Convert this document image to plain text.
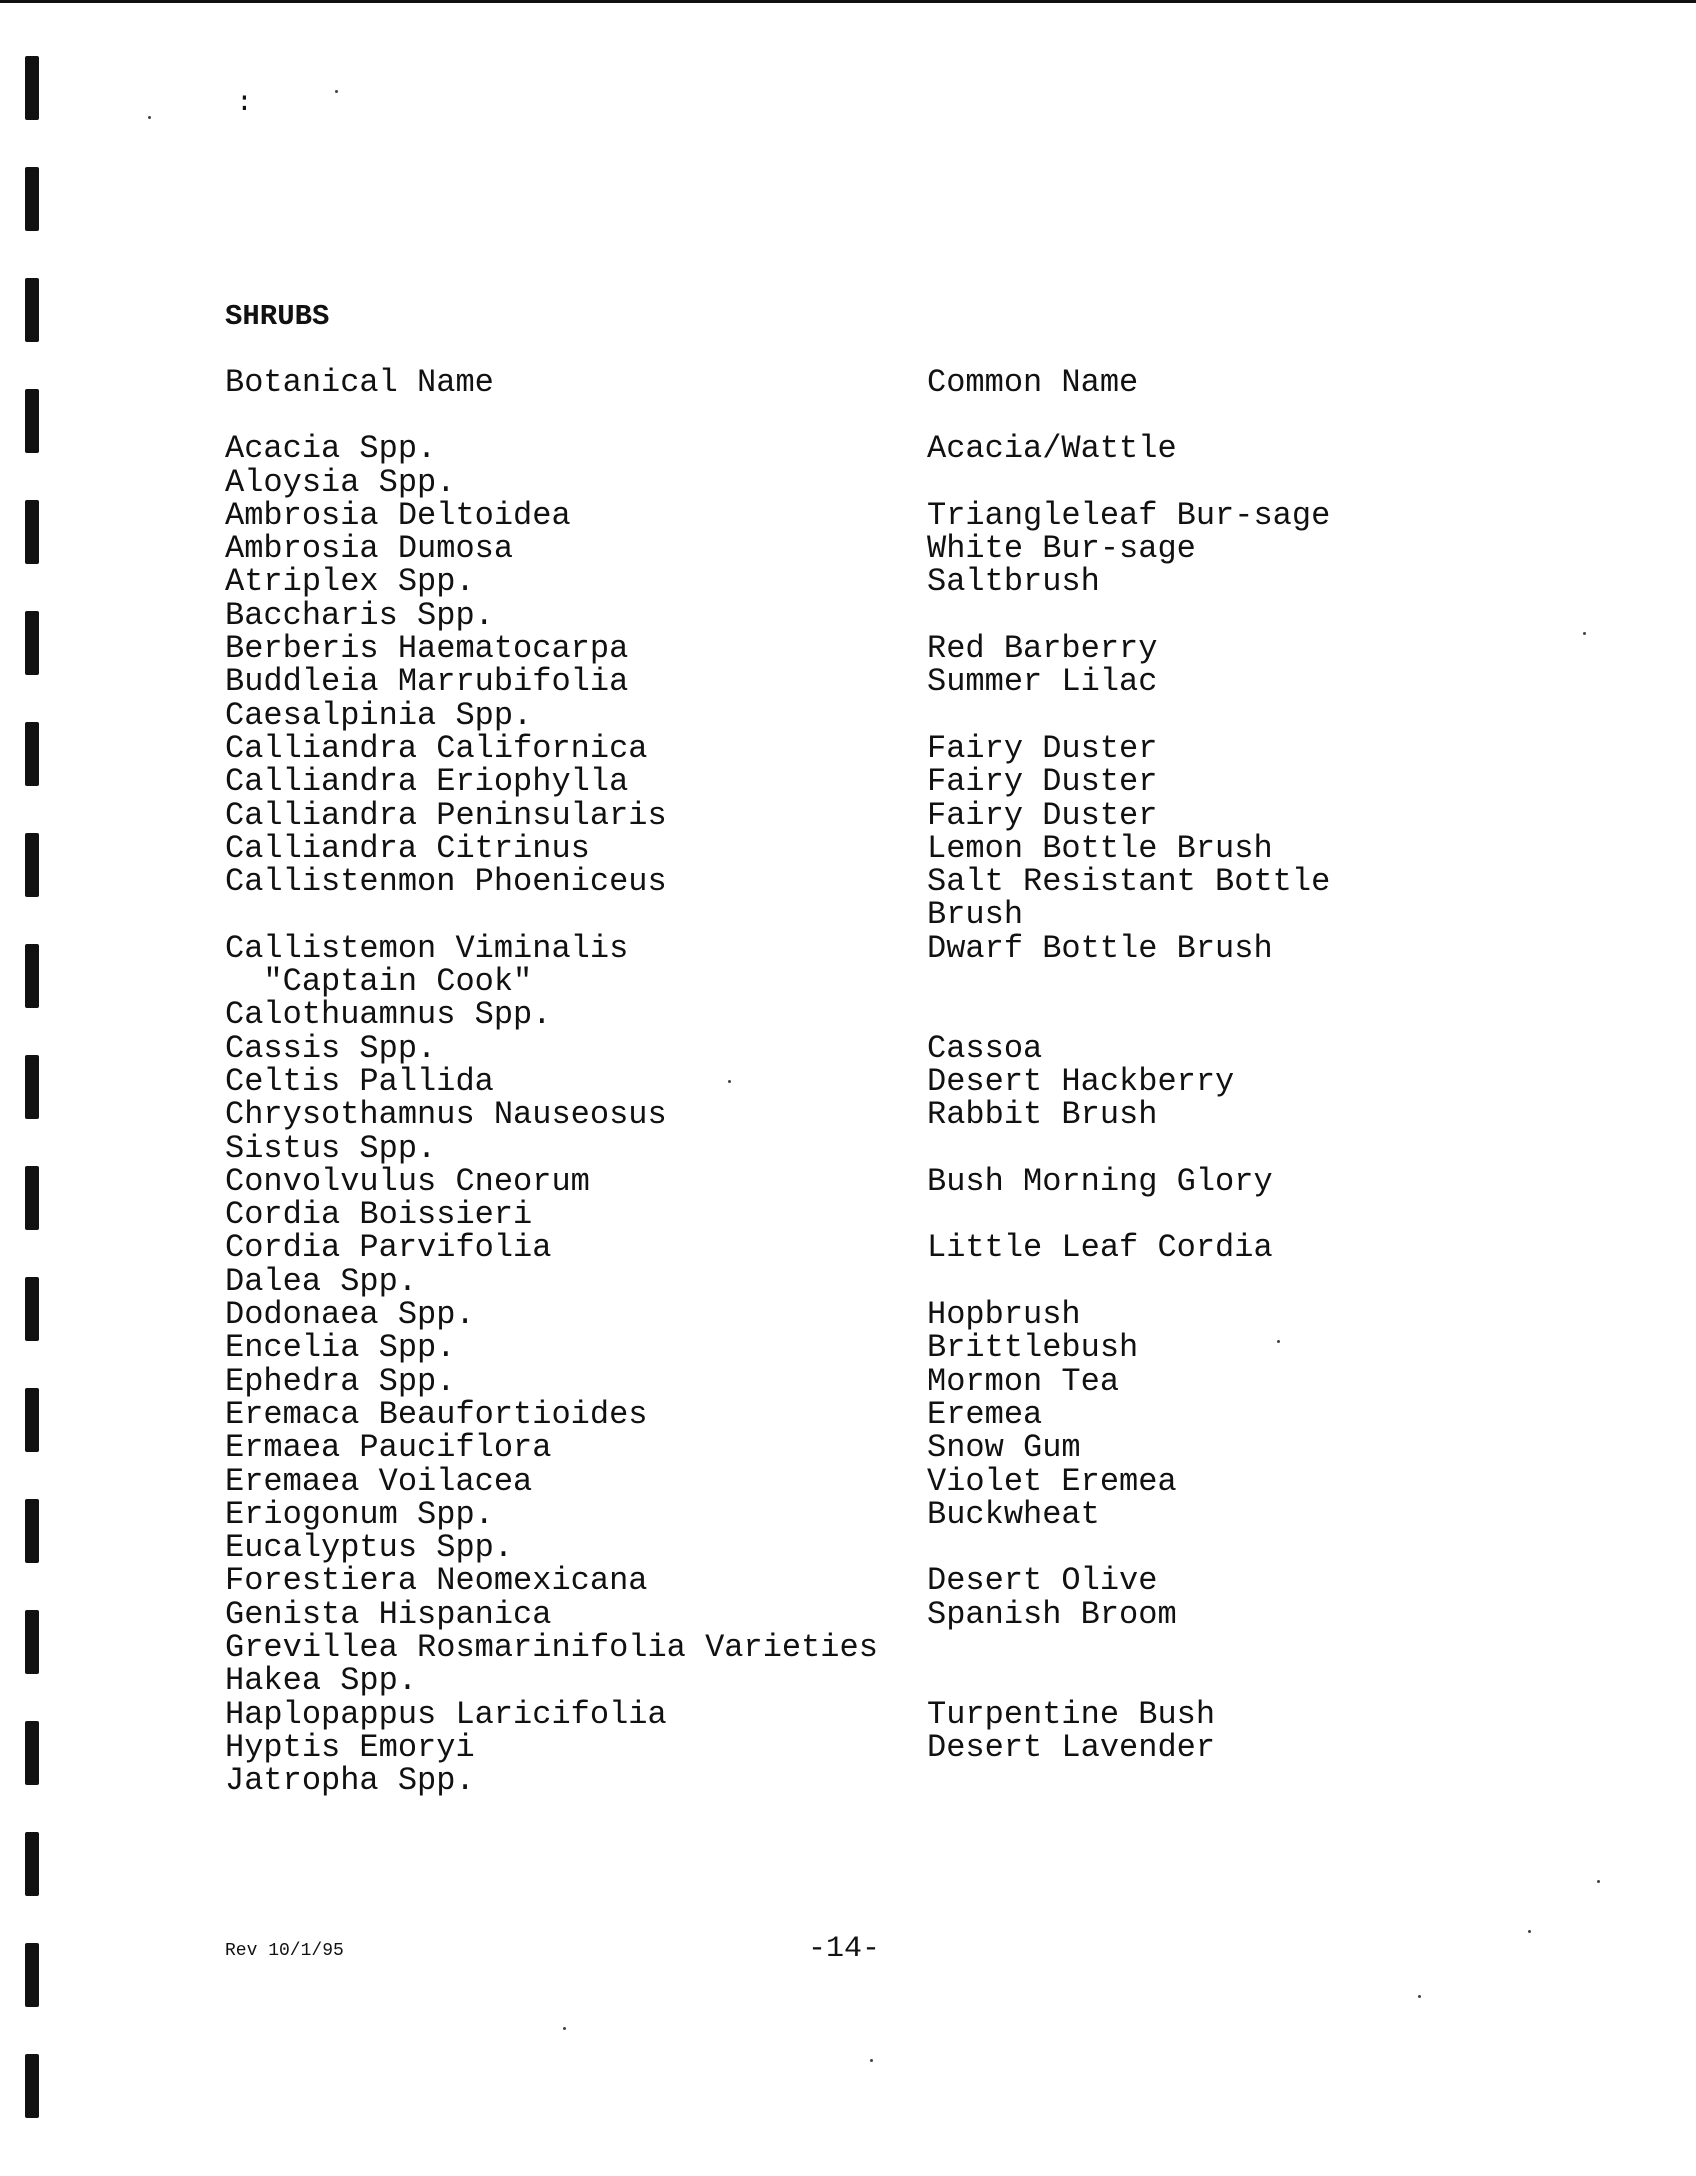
:
SHRUBS
Botanical Name	Common Name
Acacia Spp.	Acacia/Wattle
Aloysia Spp.
Ambrosia Deltoidea	Triangleleaf Bur-sage
Ambrosia Dumosa	White Bur-sage
Atriplex Spp.	Saltbrush
Baccharis Spp.
Berberis Haematocarpa	Red Barberry
Buddleia Marrubifolia	Summer Lilac
Caesalpinia Spp.
Calliandra Californica	Fairy Duster
Calliandra Eriophylla	Fairy Duster
Calliandra Peninsularis	Fairy Duster
Calliandra Citrinus	Lemon Bottle Brush
Callistenmon Phoeniceus	Salt Resistant Bottle
Brush
Callistemon Viminalis	Dwarf Bottle Brush
"Captain Cook"
Calothuamnus Spp.
Cassis Spp.	Cassoa
Celtis Pallida	Desert Hackberry
Chrysothamnus Nauseosus	Rabbit Brush
Sistus Spp.
Convolvulus Cneorum	Bush Morning Glory
Cordia Boissieri
Cordia Parvifolia	Little Leaf Cordia
Dalea Spp.
Dodonaea Spp.	Hopbrush
Encelia Spp.	Brittlebush
Ephedra Spp.	Mormon Tea
Eremaca Beaufortioides	Eremea
Ermaea Pauciflora	Snow Gum
Eremaea Voilacea	Violet Eremea
Eriogonum Spp.	Buckwheat
Eucalyptus Spp.
Forestiera Neomexicana	Desert Olive
Genista Hispanica	Spanish Broom
Grevillea Rosmarinifolia Varieties
Hakea Spp.
Haplopappus Laricifolia	Turpentine Bush
Hyptis Emoryi	Desert Lavender
Jatropha Spp.
Rev 10/1/95	-14-
